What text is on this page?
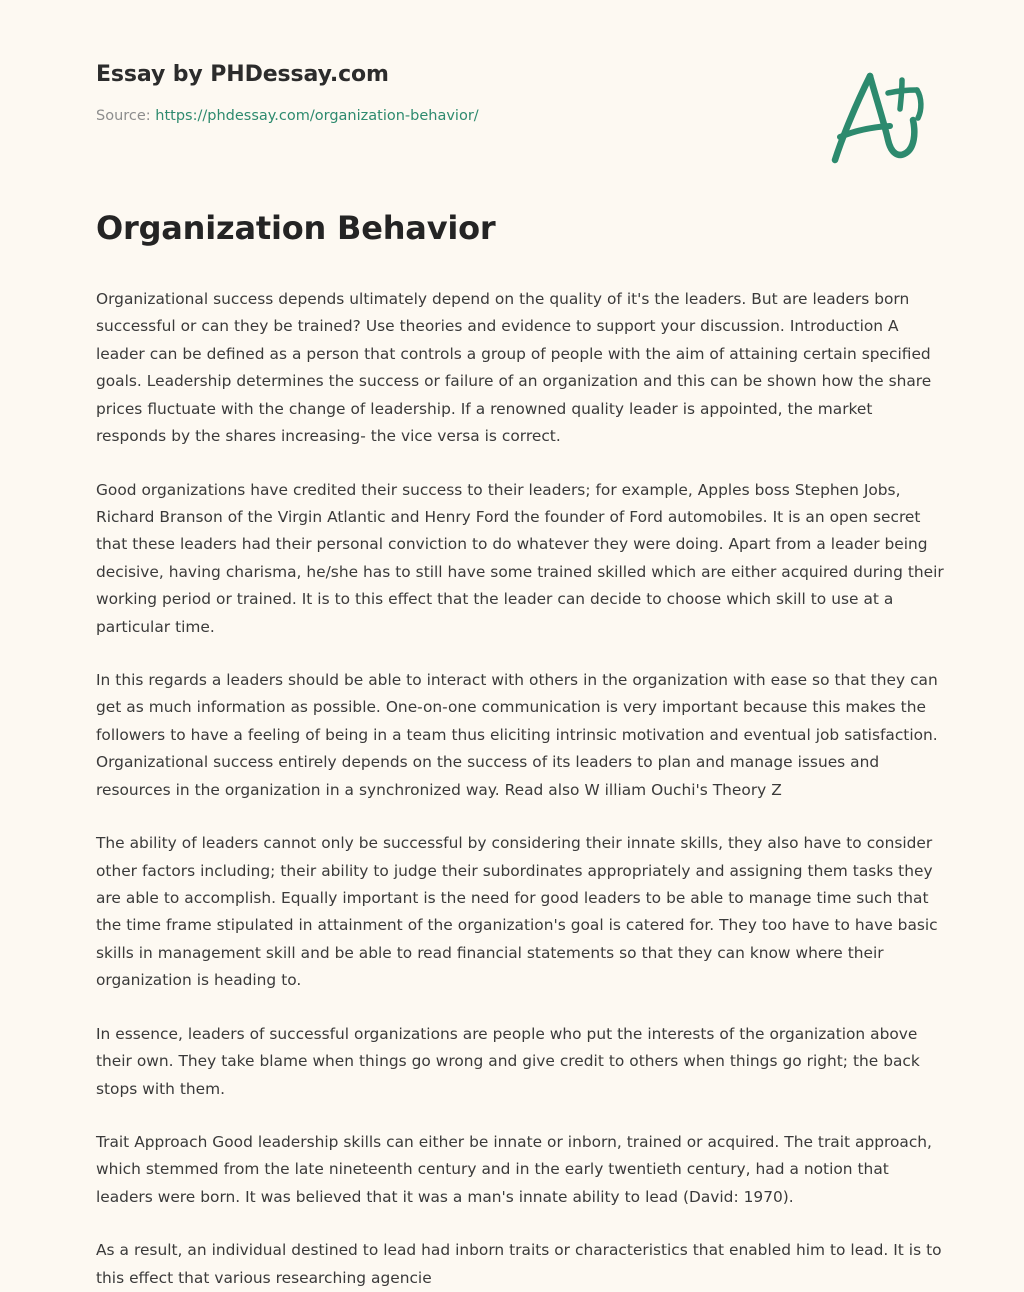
Essay by PHDessay.com
Source: https://phdessay.com/organization-behavior/
Organization Behavior

Organizational success depends ultimately depend on the quality of it's the leaders. But are leaders born successful or can they be trained? Use theories and evidence to support your discussion. Introduction A leader can be defined as a person that controls a group of people with the aim of attaining certain specified goals. Leadership determines the success or failure of an organization and this can be shown how the share prices fluctuate with the change of leadership. If a renowned quality leader is appointed, the market responds by the shares increasing- the vice versa is correct.

Good organizations have credited their success to their leaders; for example, Apples boss Stephen Jobs, Richard Branson of the Virgin Atlantic and Henry Ford the founder of Ford automobiles. It is an open secret that these leaders had their personal conviction to do whatever they were doing. Apart from a leader being decisive, having charisma, he/she has to still have some trained skilled which are either acquired during their working period or trained. It is to this effect that the leader can decide to choose which skill to use at a particular time.

In this regards a leaders should be able to interact with others in the organization with ease so that they can get as much information as possible. One-on-one communication is very important because this makes the followers to have a feeling of being in a team thus eliciting intrinsic motivation and eventual job satisfaction. Organizational success entirely depends on the success of its leaders to plan and manage issues and resources in the organization in a synchronized way. Read also W illiam Ouchi's Theory Z

The ability of leaders cannot only be successful by considering their innate skills, they also have to consider other factors including; their ability to judge their subordinates appropriately and assigning them tasks they are able to accomplish. Equally important is the need for good leaders to be able to manage time such that the time frame stipulated in attainment of the organization's goal is catered for. They too have to have basic skills in management skill and be able to read financial statements so that they can know where their organization is heading to.

In essence, leaders of successful organizations are people who put the interests of the organization above their own. They take blame when things go wrong and give credit to others when things go right; the back stops with them.

Trait Approach Good leadership skills can either be innate or inborn, trained or acquired. The trait approach, which stemmed from the late nineteenth century and in the early twentieth century, had a notion that leaders were born. It was believed that it was a man's innate ability to lead (David: 1970).

As a result, an individual destined to lead had inborn traits or characteristics that enabled him to lead. It is to this effect that various researching agencie
